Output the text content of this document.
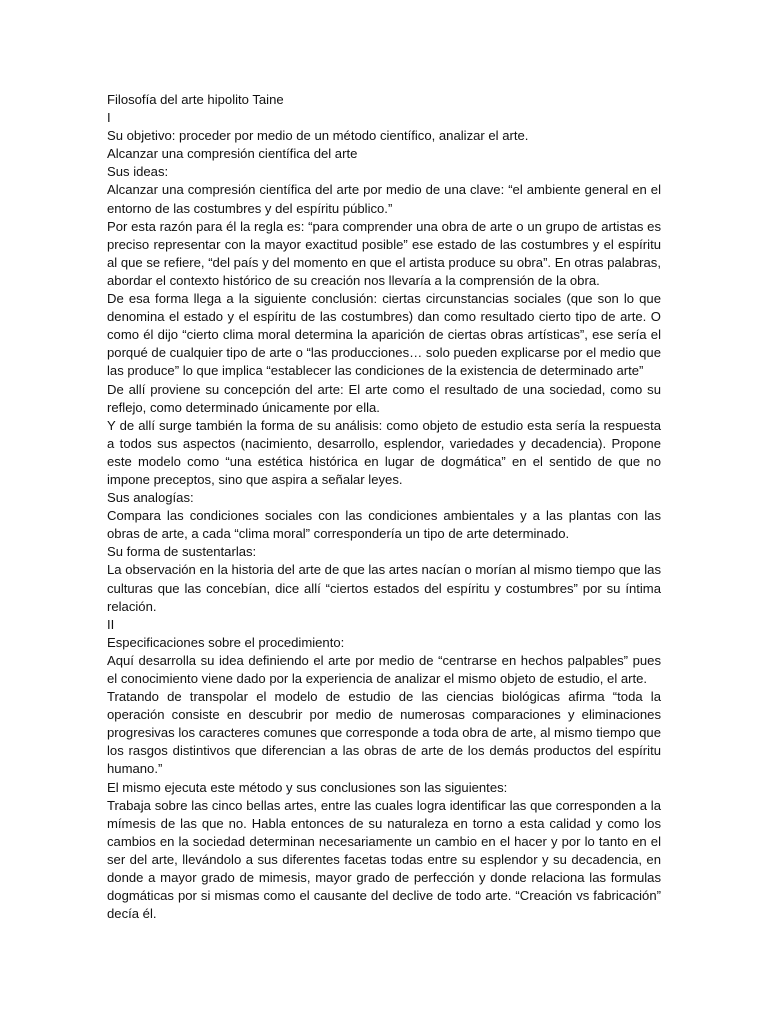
Filosofía del arte hipolito Taine

I

Su objetivo: proceder por medio de un método científico, analizar el arte.

Alcanzar una compresión científica del arte

Sus ideas:

Alcanzar una compresión científica del arte por medio de una clave: “el ambiente general en el entorno de las costumbres y del espíritu público.”

Por esta razón para él la regla es: “para comprender una obra de arte o un grupo de artistas es preciso representar con la mayor exactitud posible” ese estado de las costumbres y el espíritu al que se refiere, “del país y del momento en que el artista produce su obra”. En otras palabras, abordar el contexto histórico de su creación nos llevaría a la comprensión de la obra.

De esa forma llega a la siguiente conclusión: ciertas circunstancias sociales (que son lo que denomina el estado y el espíritu de las costumbres) dan como resultado cierto tipo de arte. O como él dijo “cierto clima moral determina la aparición de ciertas obras artísticas”, ese sería el porqué de cualquier tipo de arte o “las producciones… solo pueden explicarse por el medio que las produce” lo que implica “establecer las condiciones de la existencia de determinado arte”

De allí proviene su concepción del arte: El arte como el resultado de una sociedad, como su reflejo, como determinado únicamente por ella.

Y de allí surge también la forma de su análisis: como objeto de estudio esta sería la respuesta a todos sus aspectos (nacimiento, desarrollo, esplendor, variedades y decadencia). Propone este modelo como “una estética histórica en lugar de dogmática” en el sentido de que no impone preceptos, sino que aspira a señalar leyes.

Sus analogías:

Compara las condiciones sociales con las condiciones ambientales y a las plantas con las obras de arte, a cada “clima moral” correspondería un tipo de arte determinado.

Su forma de sustentarlas:

La observación en la historia del arte de que las artes nacían o morían al mismo tiempo que las culturas que las concebían, dice allí “ciertos estados del espíritu y costumbres” por su íntima relación.

II

Especificaciones sobre el procedimiento:

Aquí desarrolla su idea definiendo el arte por medio de “centrarse en hechos palpables” pues el conocimiento viene dado por la experiencia de analizar el mismo objeto de estudio, el arte.

Tratando de transpolar el modelo de estudio de las ciencias biológicas afirma “toda la operación consiste en descubrir por medio de numerosas comparaciones y eliminaciones progresivas los caracteres comunes que corresponde a toda obra de arte, al mismo tiempo que los rasgos distintivos que diferencian a las obras de arte de los demás productos del espíritu humano.”

El mismo ejecuta este método y sus conclusiones son las siguientes:

Trabaja sobre las cinco bellas artes, entre las cuales logra identificar las que corresponden a la mímesis de las que no. Habla entonces de su naturaleza en torno a esta calidad y como los cambios en la sociedad determinan necesariamente un cambio en el hacer y por lo tanto en el ser del arte, llevándolo a sus diferentes facetas todas entre su esplendor y su decadencia, en donde a mayor grado de mimesis, mayor grado de perfección y donde relaciona las formulas dogmáticas por si mismas como el causante del declive de todo arte. “Creación vs fabricación” decía él.
